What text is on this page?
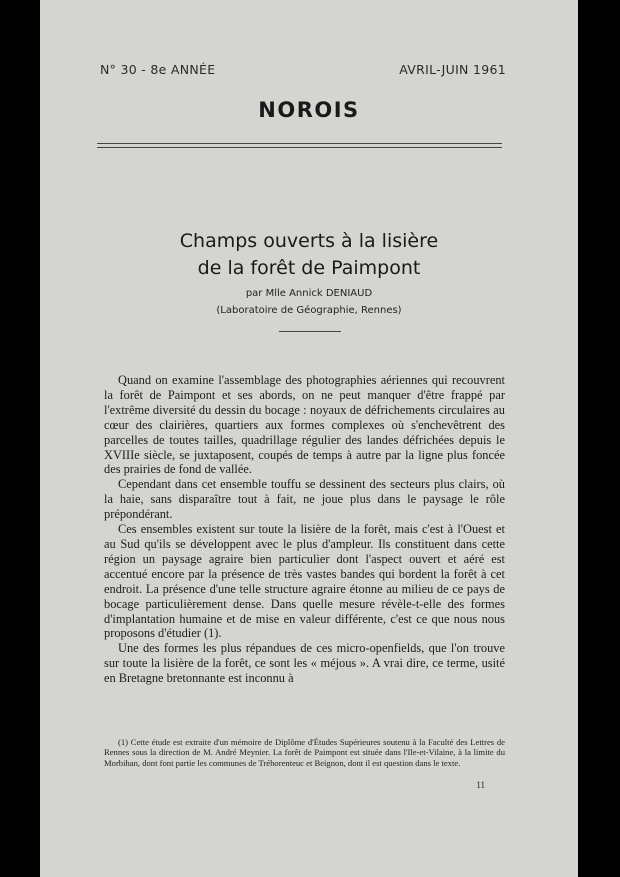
N° 30 - 8e ANNÉE	AVRIL-JUIN 1961
NOROIS
Champs ouverts à la lisière
de la forêt de Paimpont
par Mlle Annick DENIAUD
(Laboratoire de Géographie, Rennes)

Quand on examine l'assemblage des photographies aériennes qui recouvrent la forêt de Paimpont et ses abords, on ne peut manquer d'être frappé par l'extrême diversité du dessin du bocage : noyaux de défrichements circulaires au cœur des clairières, quartiers aux formes complexes où s'enchevêtrent des parcelles de toutes tailles, quadrillage régulier des landes défrichées depuis le XVIIIe siècle, se juxtaposent, coupés de temps à autre par la ligne plus foncée des prairies de fond de vallée.

Cependant dans cet ensemble touffu se dessinent des secteurs plus clairs, où la haie, sans disparaître tout à fait, ne joue plus dans le paysage le rôle prépondérant.

Ces ensembles existent sur toute la lisière de la forêt, mais c'est à l'Ouest et au Sud qu'ils se développent avec le plus d'ampleur. Ils constituent dans cette région un paysage agraire bien particulier dont l'aspect ouvert et aéré est accentué encore par la présence de très vastes bandes qui bordent la forêt à cet endroit. La présence d'une telle structure agraire étonne au milieu de ce pays de bocage particulièrement dense. Dans quelle mesure révèle-t-elle des formes d'implantation humaine et de mise en valeur différente, c'est ce que nous nous proposons d'étudier (1).

Une des formes les plus répandues de ces micro-openfields, que l'on trouve sur toute la lisière de la forêt, ce sont les « méjous ». A vrai dire, ce terme, usité en Bretagne bretonnante est inconnu à

(1) Cette étude est extraite d'un mémoire de Diplôme d'Études Supérieures soutenu à la Faculté des Lettres de Rennes sous la direction de M. André Meynier. La forêt de Paimpont est située dans l'Ile-et-Vilaine, à la limite du Morbihan, dont font partie les communes de Tréhorenteuc et Beignon, dont il est question dans le texte.

11
